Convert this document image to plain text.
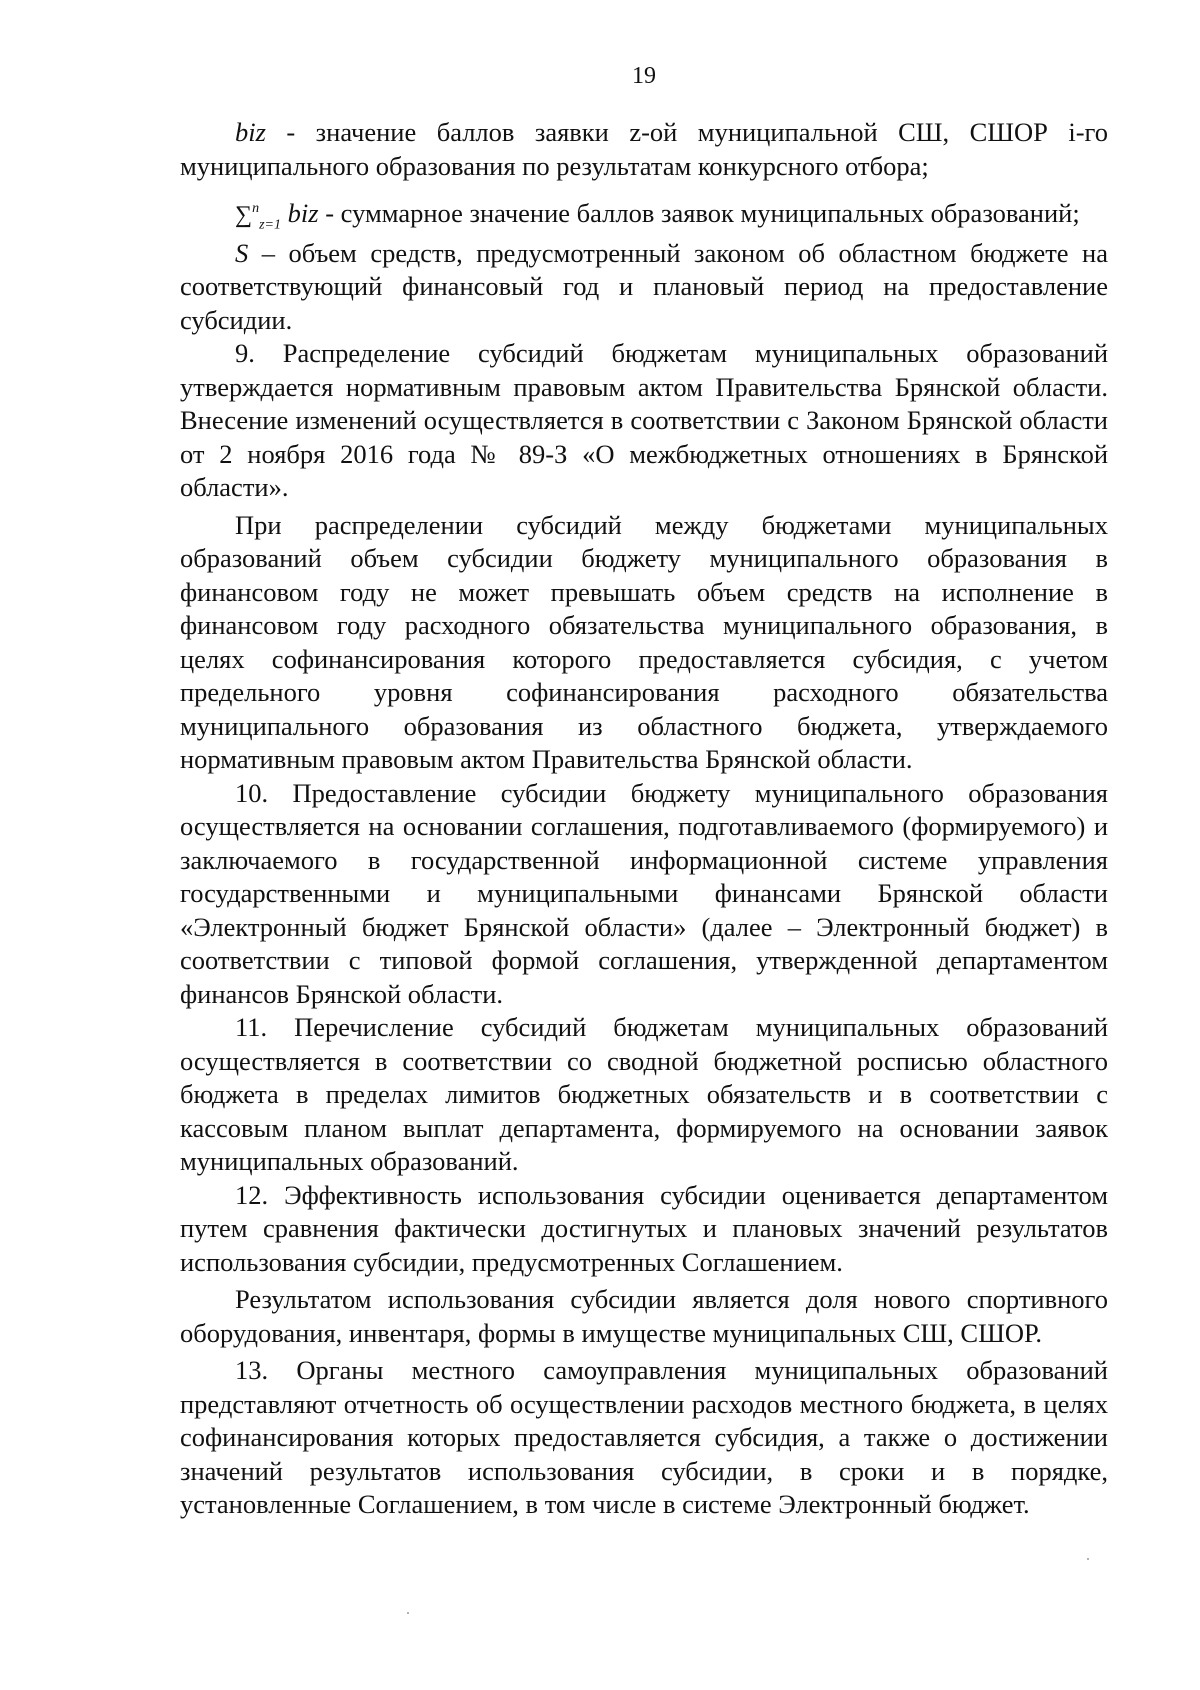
19

biz - значение баллов заявки z-ой муниципальной СШ, СШОР i-го муниципального образования по результатам конкурсного отбора;

∑$^n_{z=1}$ biz - суммарное значение баллов заявок муниципальных образований;

S – объем средств, предусмотренный законом об областном бюджете на соответствующий финансовый год и плановый период на предоставление субсидии.

9. Распределение субсидий бюджетам муниципальных образований утверждается нормативным правовым актом Правительства Брянской области. Внесение изменений осуществляется в соответствии с Законом Брянской области от 2 ноября 2016 года № 89-З «О межбюджетных отношениях в Брянской области».

При распределении субсидий между бюджетами муниципальных образований объем субсидии бюджету муниципального образования в финансовом году не может превышать объем средств на исполнение в финансовом году расходного обязательства муниципального образования, в целях софинансирования которого предоставляется субсидия, с учетом предельного уровня софинансирования расходного обязательства муниципального образования из областного бюджета, утверждаемого нормативным правовым актом Правительства Брянской области.

10. Предоставление субсидии бюджету муниципального образования осуществляется на основании соглашения, подготавливаемого (формируемого) и заключаемого в государственной информационной системе управления государственными и муниципальными финансами Брянской области «Электронный бюджет Брянской области» (далее – Электронный бюджет) в соответствии с типовой формой соглашения, утвержденной департаментом финансов Брянской области.

11. Перечисление субсидий бюджетам муниципальных образований осуществляется в соответствии со сводной бюджетной росписью областного бюджета в пределах лимитов бюджетных обязательств и в соответствии с кассовым планом выплат департамента, формируемого на основании заявок муниципальных образований.

12. Эффективность использования субсидии оценивается департаментом путем сравнения фактически достигнутых и плановых значений результатов использования субсидии, предусмотренных Соглашением.

Результатом использования субсидии является доля нового спортивного оборудования, инвентаря, формы в имуществе муниципальных СШ, СШОР.

13. Органы местного самоуправления муниципальных образований представляют отчетность об осуществлении расходов местного бюджета, в целях софинансирования которых предоставляется субсидия, а также о достижении значений результатов использования субсидии, в сроки и в порядке, установленные Соглашением, в том числе в системе Электронный бюджет.
